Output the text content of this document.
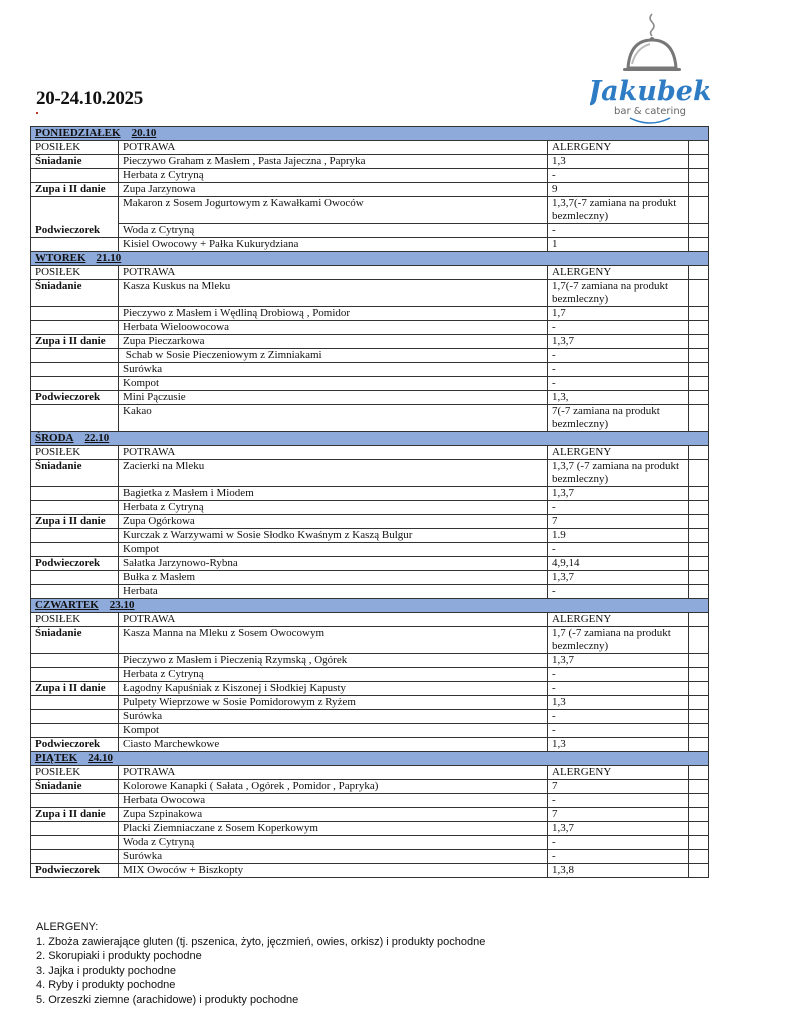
20-24.10.2025	Jakubek
bar & catering
PONIEDZIAŁEK 20.10			
POSIŁEK	POTRAWA	ALERGENY	
Śniadanie	Pieczywo Graham z Masłem , Pasta Jajeczna , Papryka	1,3	
	Herbata z Cytryną	-	
Zupa i II danie	Zupa Jarzynowa	9	
	Makaron z Sosem Jogurtowym z Kawałkami Owoców	1,3,7(-7 zamiana na produkt bezmleczny)	
Podwieczorek	Woda z Cytryną	-	
	Kisiel Owocowy + Pałka Kukurydziana	1	
WTOREK 21.10			
POSIŁEK	POTRAWA	ALERGENY	
Śniadanie	Kasza Kuskus na Mleku	1,7(-7 zamiana na produkt bezmleczny)	
	Pieczywo z Masłem i Wędliną Drobiową , Pomidor	1,7	
	Herbata Wieloowocowa	-	
Zupa i II danie	Zupa Pieczarkowa	1,3,7	
	Schab w Sosie Pieczeniowym z Zimniakami	-	
	Surówka	-	
	Kompot	-	
Podwieczorek	Mini Pączusie	1,3,	
	Kakao	7(-7 zamiana na produkt bezmleczny)	
ŚRODA 22.10			
POSIŁEK	POTRAWA	ALERGENY	
Śniadanie	Zacierki na Mleku	1,3,7 (-7 zamiana na produkt bezmleczny)	
	Bagietka z Masłem i Miodem	1,3,7	
	Herbata z Cytryną	-	
Zupa i II danie	Zupa Ogórkowa	7	
	Kurczak z Warzywami w Sosie Słodko Kwaśnym z Kaszą Bulgur	1.9	
	Kompot	-	
Podwieczorek	Sałatka Jarzynowo-Rybna	4,9,14	
	Bułka z Masłem	1,3,7	
	Herbata	-	
CZWARTEK 23.10			
POSIŁEK	POTRAWA	ALERGENY	
Śniadanie	Kasza Manna na Mleku z Sosem Owocowym	1,7 (-7 zamiana na produkt bezmleczny)	
	Pieczywo z Masłem i Pieczenią Rzymską , Ogórek	1,3,7	
	Herbata z Cytryną	-	
Zupa i II danie	Łagodny Kapuśniak z Kiszonej i Słodkiej Kapusty	-	
	Pulpety Wieprzowe w Sosie Pomidorowym z Ryżem	1,3	
	Surówka	-	
	Kompot	-	
Podwieczorek	Ciasto Marchewkowe	1,3	
PIĄTEK 24.10			
POSIŁEK	POTRAWA	ALERGENY	
Śniadanie	Kolorowe Kanapki ( Sałata , Ogórek , Pomidor , Papryka)	7	
	Herbata Owocowa	-	
Zupa i II danie	Zupa Szpinakowa	7	
	Placki Ziemniaczane z Sosem Koperkowym	1,3,7	
	Woda z Cytryną	-	
	Surówka	-	
Podwieczorek	MIX Owoców + Biszkopty	1,3,8	
ALERGENY:
1. Zboża zawierające gluten (tj. pszenica, żyto, jęczmień, owies, orkisz) i produkty pochodne
2. Skorupiaki i produkty pochodne
3. Jajka i produkty pochodne
4. Ryby i produkty pochodne
5. Orzeszki ziemne (arachidowe) i produkty pochodne
